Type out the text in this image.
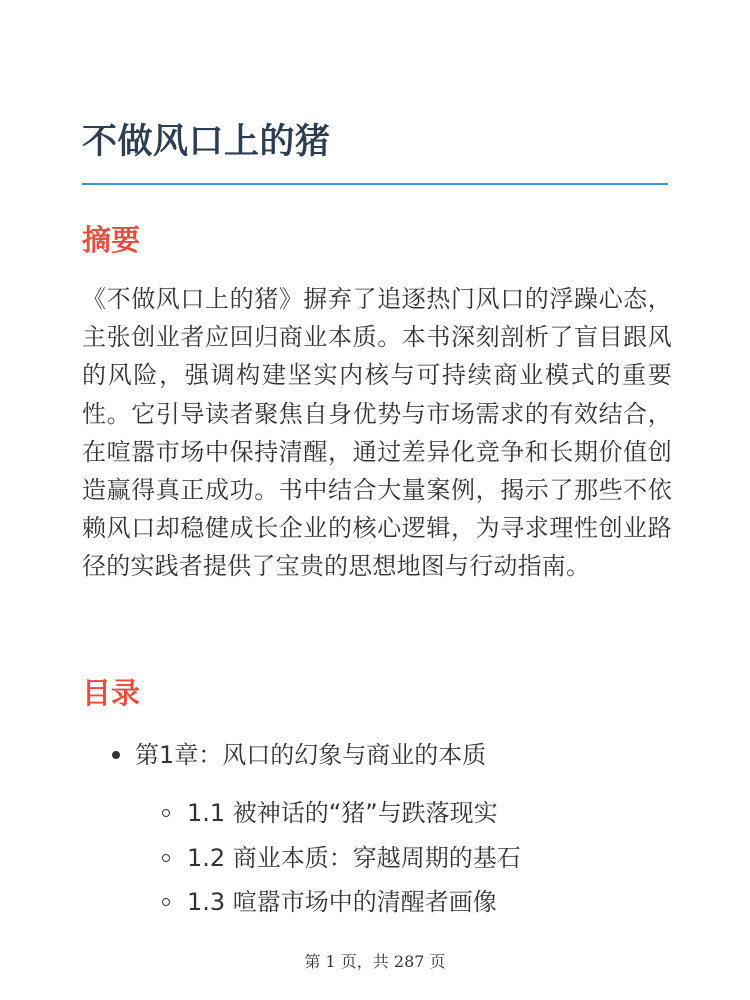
不做风口上的猪
摘要

《不做风口上的猪》摒弃了追逐热门风口的浮躁心态，主张创业者应回归商业本质。本书深刻剖析了盲目跟风的风险，强调构建坚实内核与可持续商业模式的重要性。它引导读者聚焦自身优势与市场需求的有效结合，在喧嚣市场中保持清醒，通过差异化竞争和长期价值创造赢得真正成功。书中结合大量案例，揭示了那些不依赖风口却稳健成长企业的核心逻辑，为寻求理性创业路径的实践者提供了宝贵的思想地图与行动指南。

目录
第1章：风口的幻象与商业的本质
1.1 被神话的“猪”与跌落现实
1.2 商业本质：穿越周期的基石
1.3 喧嚣市场中的清醒者画像
第 1 页，共 287 页
